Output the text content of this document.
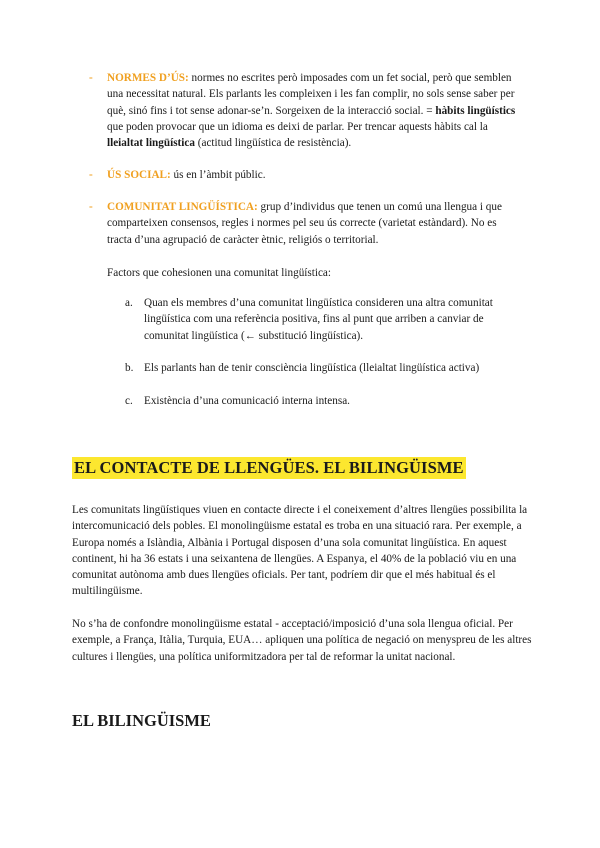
- NORMES D’ÚS: normes no escrites però imposades com un fet social, però que semblen una necessitat natural. Els parlants les compleixen i les fan complir, no sols sense saber per què, sinó fins i tot sense adonar-se’n. Sorgeixen de la interacció social. = hàbits lingüístics que poden provocar que un idioma es deixi de parlar. Per trencar aquests hàbits cal la lleialtat lingüística (actitud lingüística de resistència).
- ÚS SOCIAL: ús en l’àmbit públic.
- COMUNITAT LINGÜÍSTICA: grup d’individus que tenen un comú una llengua i que comparteixen consensos, regles i normes pel seu ús correcte (varietat estàndard). No es tracta d’una agrupació de caràcter ètnic, religiós o territorial.
Factors que cohesionen una comunitat lingüística:
a. Quan els membres d’una comunitat lingüística consideren una altra comunitat lingüística com una referència positiva, fins al punt que arriben a canviar de comunitat lingüística (← substitució lingüística).
b. Els parlants han de tenir consciència lingüística (lleialtat lingüística activa)
c. Existència d’una comunicació interna intensa.
EL CONTACTE DE LLENGÜES. EL BILINGÜISME
Les comunitats lingüístiques viuen en contacte directe i el coneixement d’altres llengües possibilita la intercomunicació dels pobles. El monolingüisme estatal es troba en una situació rara. Per exemple, a Europa només a Islàndia, Albània i Portugal disposen d’una sola comunitat lingüística. En aquest continent, hi ha 36 estats i una seixantena de llengües. A Espanya, el 40% de la població viu en una comunitat autònoma amb dues llengües oficials. Per tant, podríem dir que el més habitual és el multilingüisme.
No s’ha de confondre monolingüisme estatal - acceptació/imposició d’una sola llengua oficial. Per exemple, a França, Itàlia, Turquia, EUA… apliquen una política de negació on menyspreu de les altres cultures i llengües, una política uniformitzadora per tal de reformar la unitat nacional.
EL BILINGÜISME
